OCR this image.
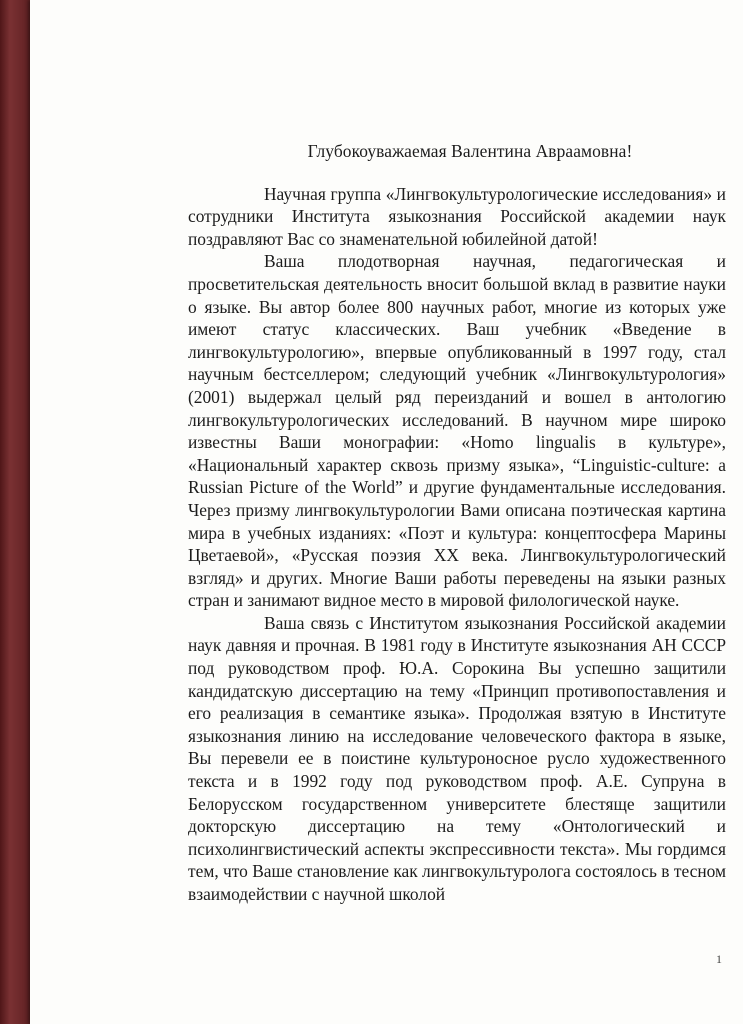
Глубокоуважаемая Валентина Авраамовна!

Научная группа «Лингвокультурологические исследования» и сотрудники Института языкознания Российской академии наук поздравляют Вас со знаменательной юбилейной датой!

Ваша плодотворная научная, педагогическая и просветительская деятельность вносит большой вклад в развитие науки о языке. Вы автор более 800 научных работ, многие из которых уже имеют статус классических. Ваш учебник «Введение в лингвокультурологию», впервые опубликованный в 1997 году, стал научным бестселлером; следующий учебник «Лингвокультурология» (2001) выдержал целый ряд переизданий и вошел в антологию лингвокультурологических исследований. В научном мире широко известны Ваши монографии: «Homo lingualis в культуре», «Национальный характер сквозь призму языка», “Linguistic-culture: a Russian Picture of the World” и другие фундаментальные исследования. Через призму лингвокультурологии Вами описана поэтическая картина мира в учебных изданиях: «Поэт и культура: концептосфера Марины Цветаевой», «Русская поэзия XX века. Лингвокультурологический взгляд» и других. Многие Ваши работы переведены на языки разных стран и занимают видное место в мировой филологической науке.

Ваша связь с Институтом языкознания Российской академии наук давняя и прочная. В 1981 году в Институте языкознания АН СССР под руководством проф. Ю.А. Сорокина Вы успешно защитили кандидатскую диссертацию на тему «Принцип противопоставления и его реализация в семантике языка». Продолжая взятую в Институте языкознания линию на исследование человеческого фактора в языке, Вы перевели ее в поистине культуроносное русло художественного текста и в 1992 году под руководством проф. А.Е. Супруна в Белорусском государственном университете блестяще защитили докторскую диссертацию на тему «Онтологический и психолингвистический аспекты экспрессивности текста». Мы гордимся тем, что Ваше становление как лингвокультуролога состоялось в тесном взаимодействии с научной школой

1
